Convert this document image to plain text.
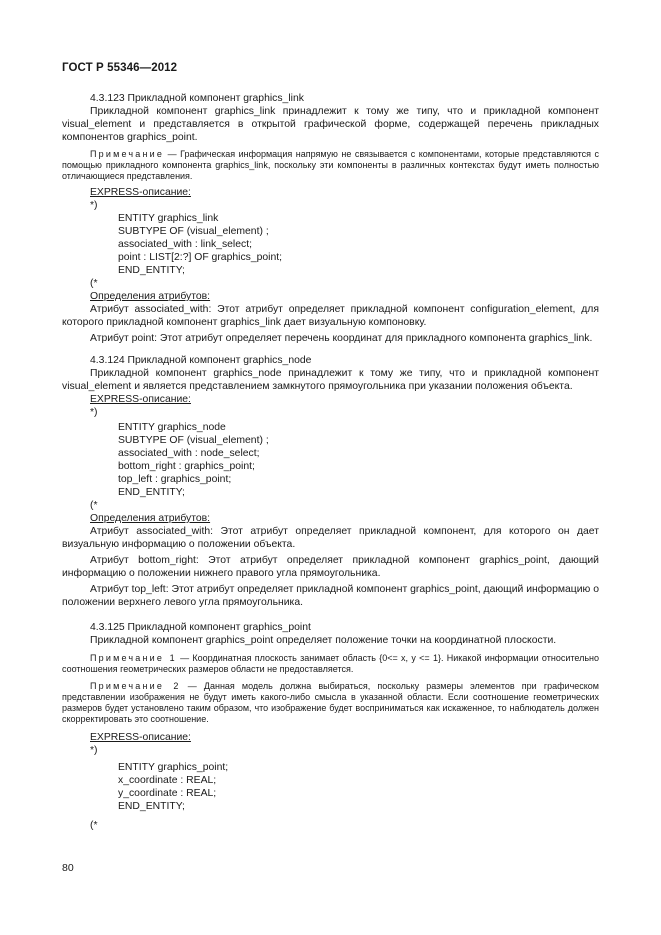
ГОСТ Р 55346—2012
4.3.123 Прикладной компонент graphics_link

Прикладной компонент graphics_link принадлежит к тому же типу, что и прикладной компонент visual_element и представляется в открытой графической форме, содержащей перечень прикладных компонентов graphics_point.

Примечание — Графическая информация напрямую не связывается с компонентами, которые представляются с помощью прикладного компонента graphics_link, поскольку эти компоненты в различных контекстах будут иметь полностью отличающиеся представления.

EXPRESS-описание:
*)
ENTITY graphics_link
SUBTYPE OF (visual_element) ;
associated_with : link_select;
point : LIST[2:?] OF graphics_point;
END_ENTITY;
(*
Определения атрибутов:

Атрибут associated_with: Этот атрибут определяет прикладной компонент configuration_element, для которого прикладной компонент graphics_link дает визуальную компоновку.

Атрибут point: Этот атрибут определяет перечень координат для прикладного компонента graphics_link.

4.3.124 Прикладной компонент graphics_node

Прикладной компонент graphics_node принадлежит к тому же типу, что и прикладной компонент visual_element и является представлением замкнутого прямоугольника при указании положения объекта.

EXPRESS-описание:
*)
ENTITY graphics_node
SUBTYPE OF (visual_element) ;
associated_with : node_select;
bottom_right : graphics_point;
top_left : graphics_point;
END_ENTITY;
(*
Определения атрибутов:

Атрибут associated_with: Этот атрибут определяет прикладной компонент, для которого он дает визуальную информацию о положении объекта.

Атрибут bottom_right: Этот атрибут определяет прикладной компонент graphics_point, дающий информацию о положении нижнего правого угла прямоугольника.

Атрибут top_left: Этот атрибут определяет прикладной компонент graphics_point, дающий информацию о положении верхнего левого угла прямоугольника.

4.3.125 Прикладной компонент graphics_point

Прикладной компонент graphics_point определяет положение точки на координатной плоскости.

Примечание 1 — Координатная плоскость занимает область {0<= x, y <= 1}. Никакой информации относительно соотношения геометрических размеров области не предоставляется.

Примечание 2 — Данная модель должна выбираться, поскольку размеры элементов при графическом представлении изображения не будут иметь какого-либо смысла в указанной области. Если соотношение геометрических размеров будет установлено таким образом, что изображение будет восприниматься как искаженное, то наблюдатель должен скорректировать это соотношение.

EXPRESS-описание:
*)
ENTITY graphics_point;
x_coordinate : REAL;
y_coordinate : REAL;
END_ENTITY;
(*
80
